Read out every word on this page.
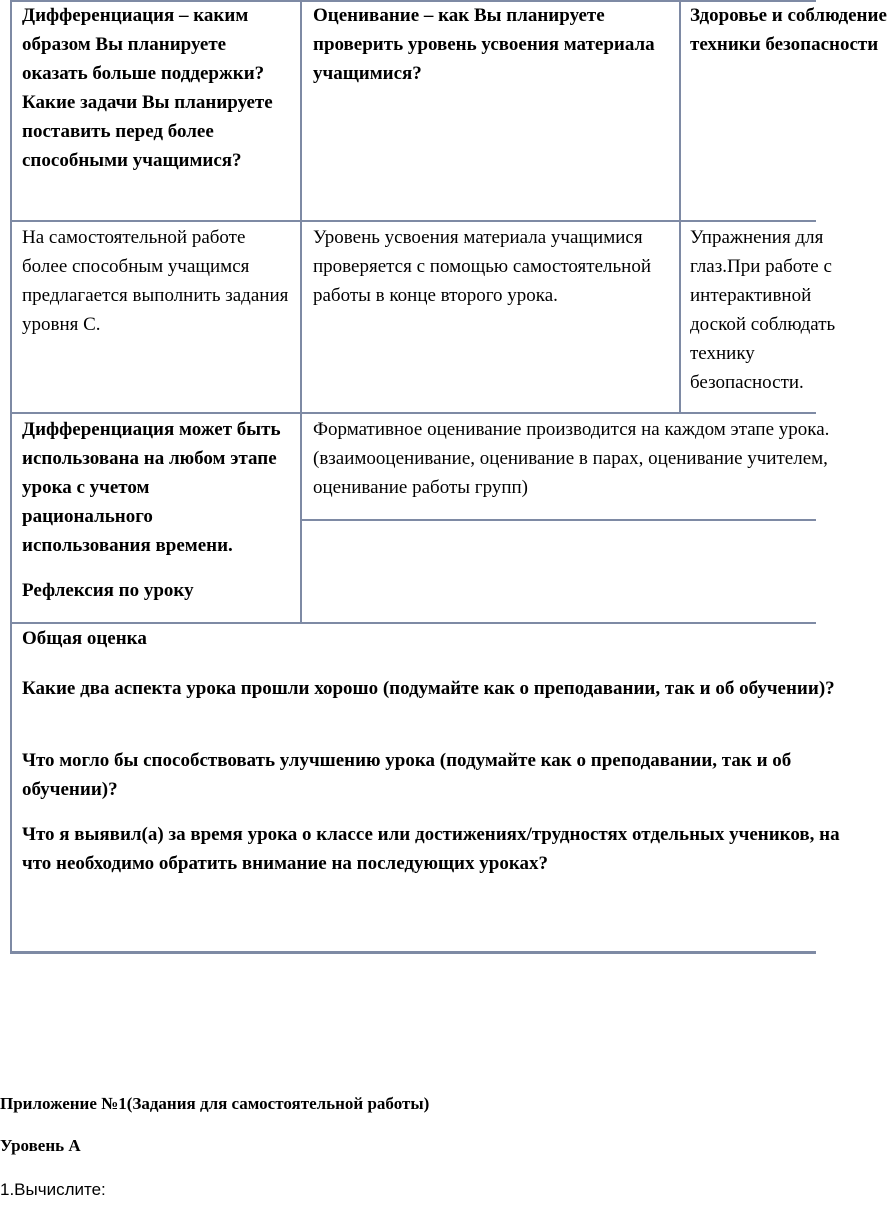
Дифференциация – каким образом Вы планируете оказать больше поддержки? Какие задачи Вы планируете поставить перед более способными учащимися?
Оценивание – как Вы планируете проверить уровень усвоения материала учащимися?
Здоровье и соблюдение техники безопасности
На самостоятельной работе более способным учащимся предлагается выполнить задания уровня С.
Уровень усвоения материала учащимися проверяется с помощью самостоятельной работы в конце второго урока.
Упражнения для глаз.При работе с интерактивной доской соблюдать технику безопасности.
Дифференциация может быть использована на любом этапе урока с учетом рационального использования времени.
Рефлексия по уроку
Формативное оценивание производится на каждом этапе урока. (взаимооценивание, оценивание в парах, оценивание учителем, оценивание работы групп)
Общая оценка
Какие два аспекта урока прошли хорошо (подумайте как о преподавании, так и об обучении)?
Что могло бы способствовать улучшению урока (подумайте как о преподавании, так и об обучении)?
Что я выявил(а) за время урока о классе или достижениях/трудностях отдельных учеников, на что необходимо обратить внимание на последующих уроках?
Приложение №1(Задания для самостоятельной работы)
Уровень А
1.Вычислите:
